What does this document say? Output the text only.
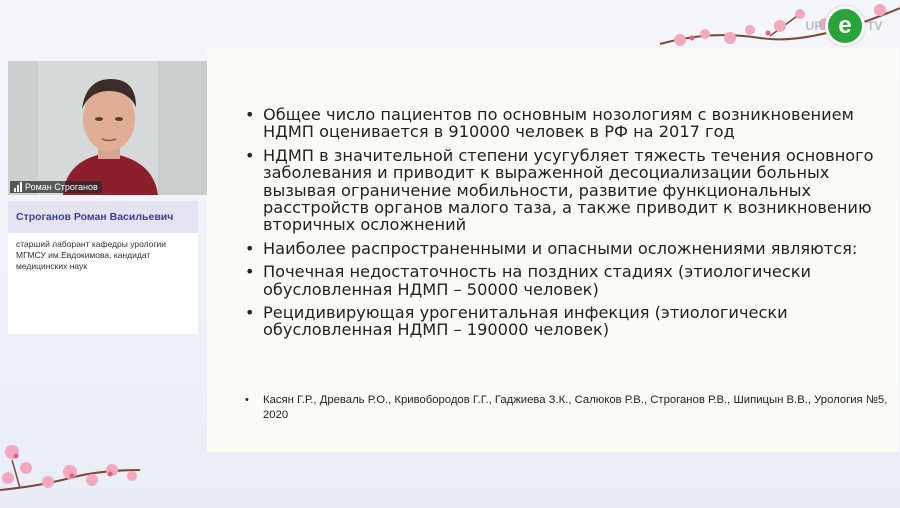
UR e	TV
Роман Строганов
Строганов Роман Васильевич
старший лаборант кафедры урологии МГМСУ им.Евдокимова, кандидат медицинских наук
• Общее число пациентов по основным нозологиям с возникновением НДМП оценивается в 910000 человек в РФ на 2017 год
• НДМП в значительной степени усугубляет тяжесть течения основного заболевания и приводит к выраженной десоциализации больных вызывая ограничение мобильности, развитие функциональных расстройств органов малого таза, а также приводит к возникновению вторичных осложнений
• Наиболее распространенными и опасными осложнениями являются:
• Почечная недостаточность на поздних стадиях (этиологически обусловленная НДМП – 50000 человек)
• Рецидивирующая урогенитальная инфекция (этиологически обусловленная НДМП – 190000 человек)
• Касян Г.Р., Древаль Р.О., Кривобородов Г.Г., Гаджиева З.К., Салюков Р.В., Строганов Р.В., Шипицын В.В., Урология №5, 2020
